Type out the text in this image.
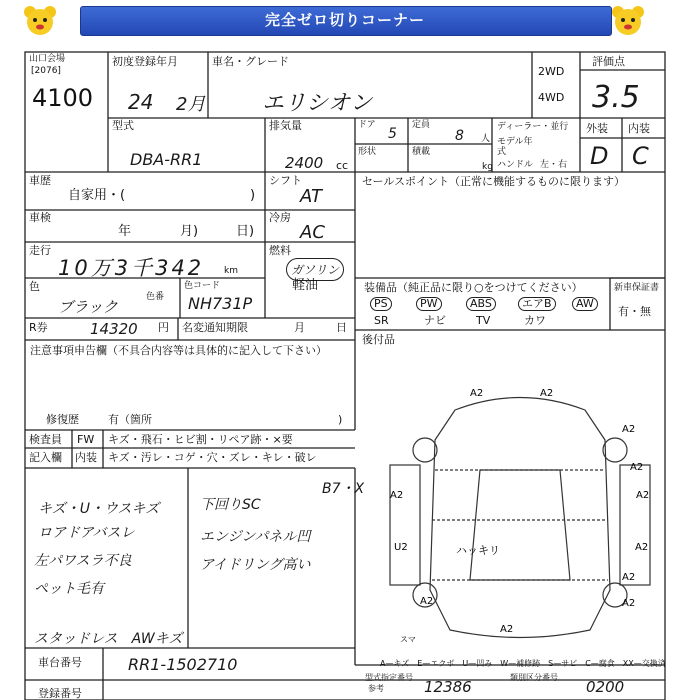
完全ゼロ切りコーナー
山口会場
[2076]
4100
初度登録年月	車名・グレード
24 2月	エリシオン
2WD
4WD
評価点
3.5
型式
DBA-RR1
排気量
2400 cc
ドア
5
定員
8 人
形状	積載
kg
ディーラー・並行
モデル年式
ハンドル 左・右
外装 内装
D C
車歴
自家用・(	)
シフト
AT
セールスポイント（正常に機能するものに限ります）
車検
年	月)	日)
冷房
AC
走行
10万3千342 km
燃料
ガソリン
軽油
色
ブラック
色番
色コード
NH731P
装備品（純正品に限り○をつけてください）	新車保証書
有・無
PS	PW	ABS	エアB	AW
SR	ナビ	TV	カワ
R券	14320 円 名変通知期限	月	日
後付品
注意事項申告欄（不具合内容等は具体的に記入して下さい）
修復歴	有（箇所	)
検査員
記入欄
FW
内装
キズ・飛石・ヒビ割・リペア跡・×要
キズ・汚レ・コゲ・穴・ズレ・キレ・破レ
B7・X
キズ・U・ウスキズ
ロアドアバスレ
左パワスラ不良
ペット毛有
スタッドレス　AWキズ
下回りSC
エンジンパネル凹
アイドリング高い
A2	A2
A2
A2	A2
A2
A2
A2
U2
A2	A2
A2
ハッキリ
スマ
A—キズ　E—エクボ　U—凹み　W—補修跡　S—サビ　C—腐食　XX—交換済
車台番号	RR1-1502710
登録番号
型式指定番号
参考	12386
類別区分番号
0200
